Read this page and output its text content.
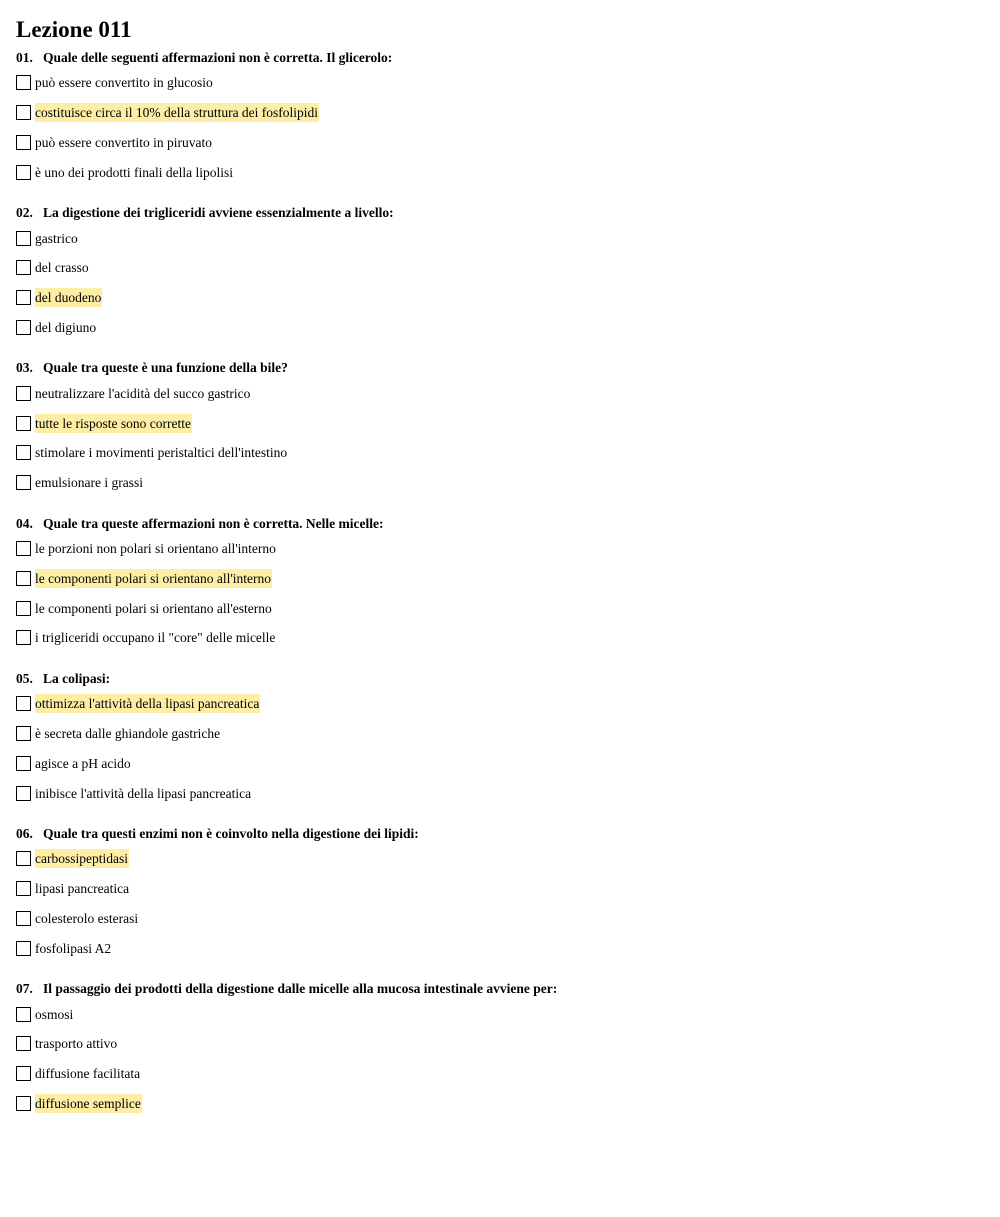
Lezione 011
01. Quale delle seguenti affermazioni non è corretta. Il glicerolo:
può essere convertito in glucosio
costituisce circa il 10% della struttura dei fosfolipidi
può essere convertito in piruvato
è uno dei prodotti finali della lipolisi
02. La digestione dei trigliceridi avviene essenzialmente a livello:
gastrico
del crasso
del duodeno
del digiuno
03. Quale tra queste è una funzione della bile?
neutralizzare l'acidità del succo gastrico
tutte le risposte sono corrette
stimolare i movimenti peristaltici dell'intestino
emulsionare i grassi
04. Quale tra queste affermazioni non è corretta. Nelle micelle:
le porzioni non polari si orientano all'interno
le componenti polari si orientano all'interno
le componenti polari si orientano all'esterno
i trigliceridi occupano il "core" delle micelle
05. La colipasi:
ottimizza l'attività della lipasi pancreatica
è secreta dalle ghiandole gastriche
agisce a pH acido
inibisce l'attività della lipasi pancreatica
06. Quale tra questi enzimi non è coinvolto nella digestione dei lipidi:
carbossipeptidasi
lipasi pancreatica
colesterolo esterasi
fosfolipasi A2
07. Il passaggio dei prodotti della digestione dalle micelle alla mucosa intestinale avviene per:
osmosi
trasporto attivo
diffusione facilitata
diffusione semplice
